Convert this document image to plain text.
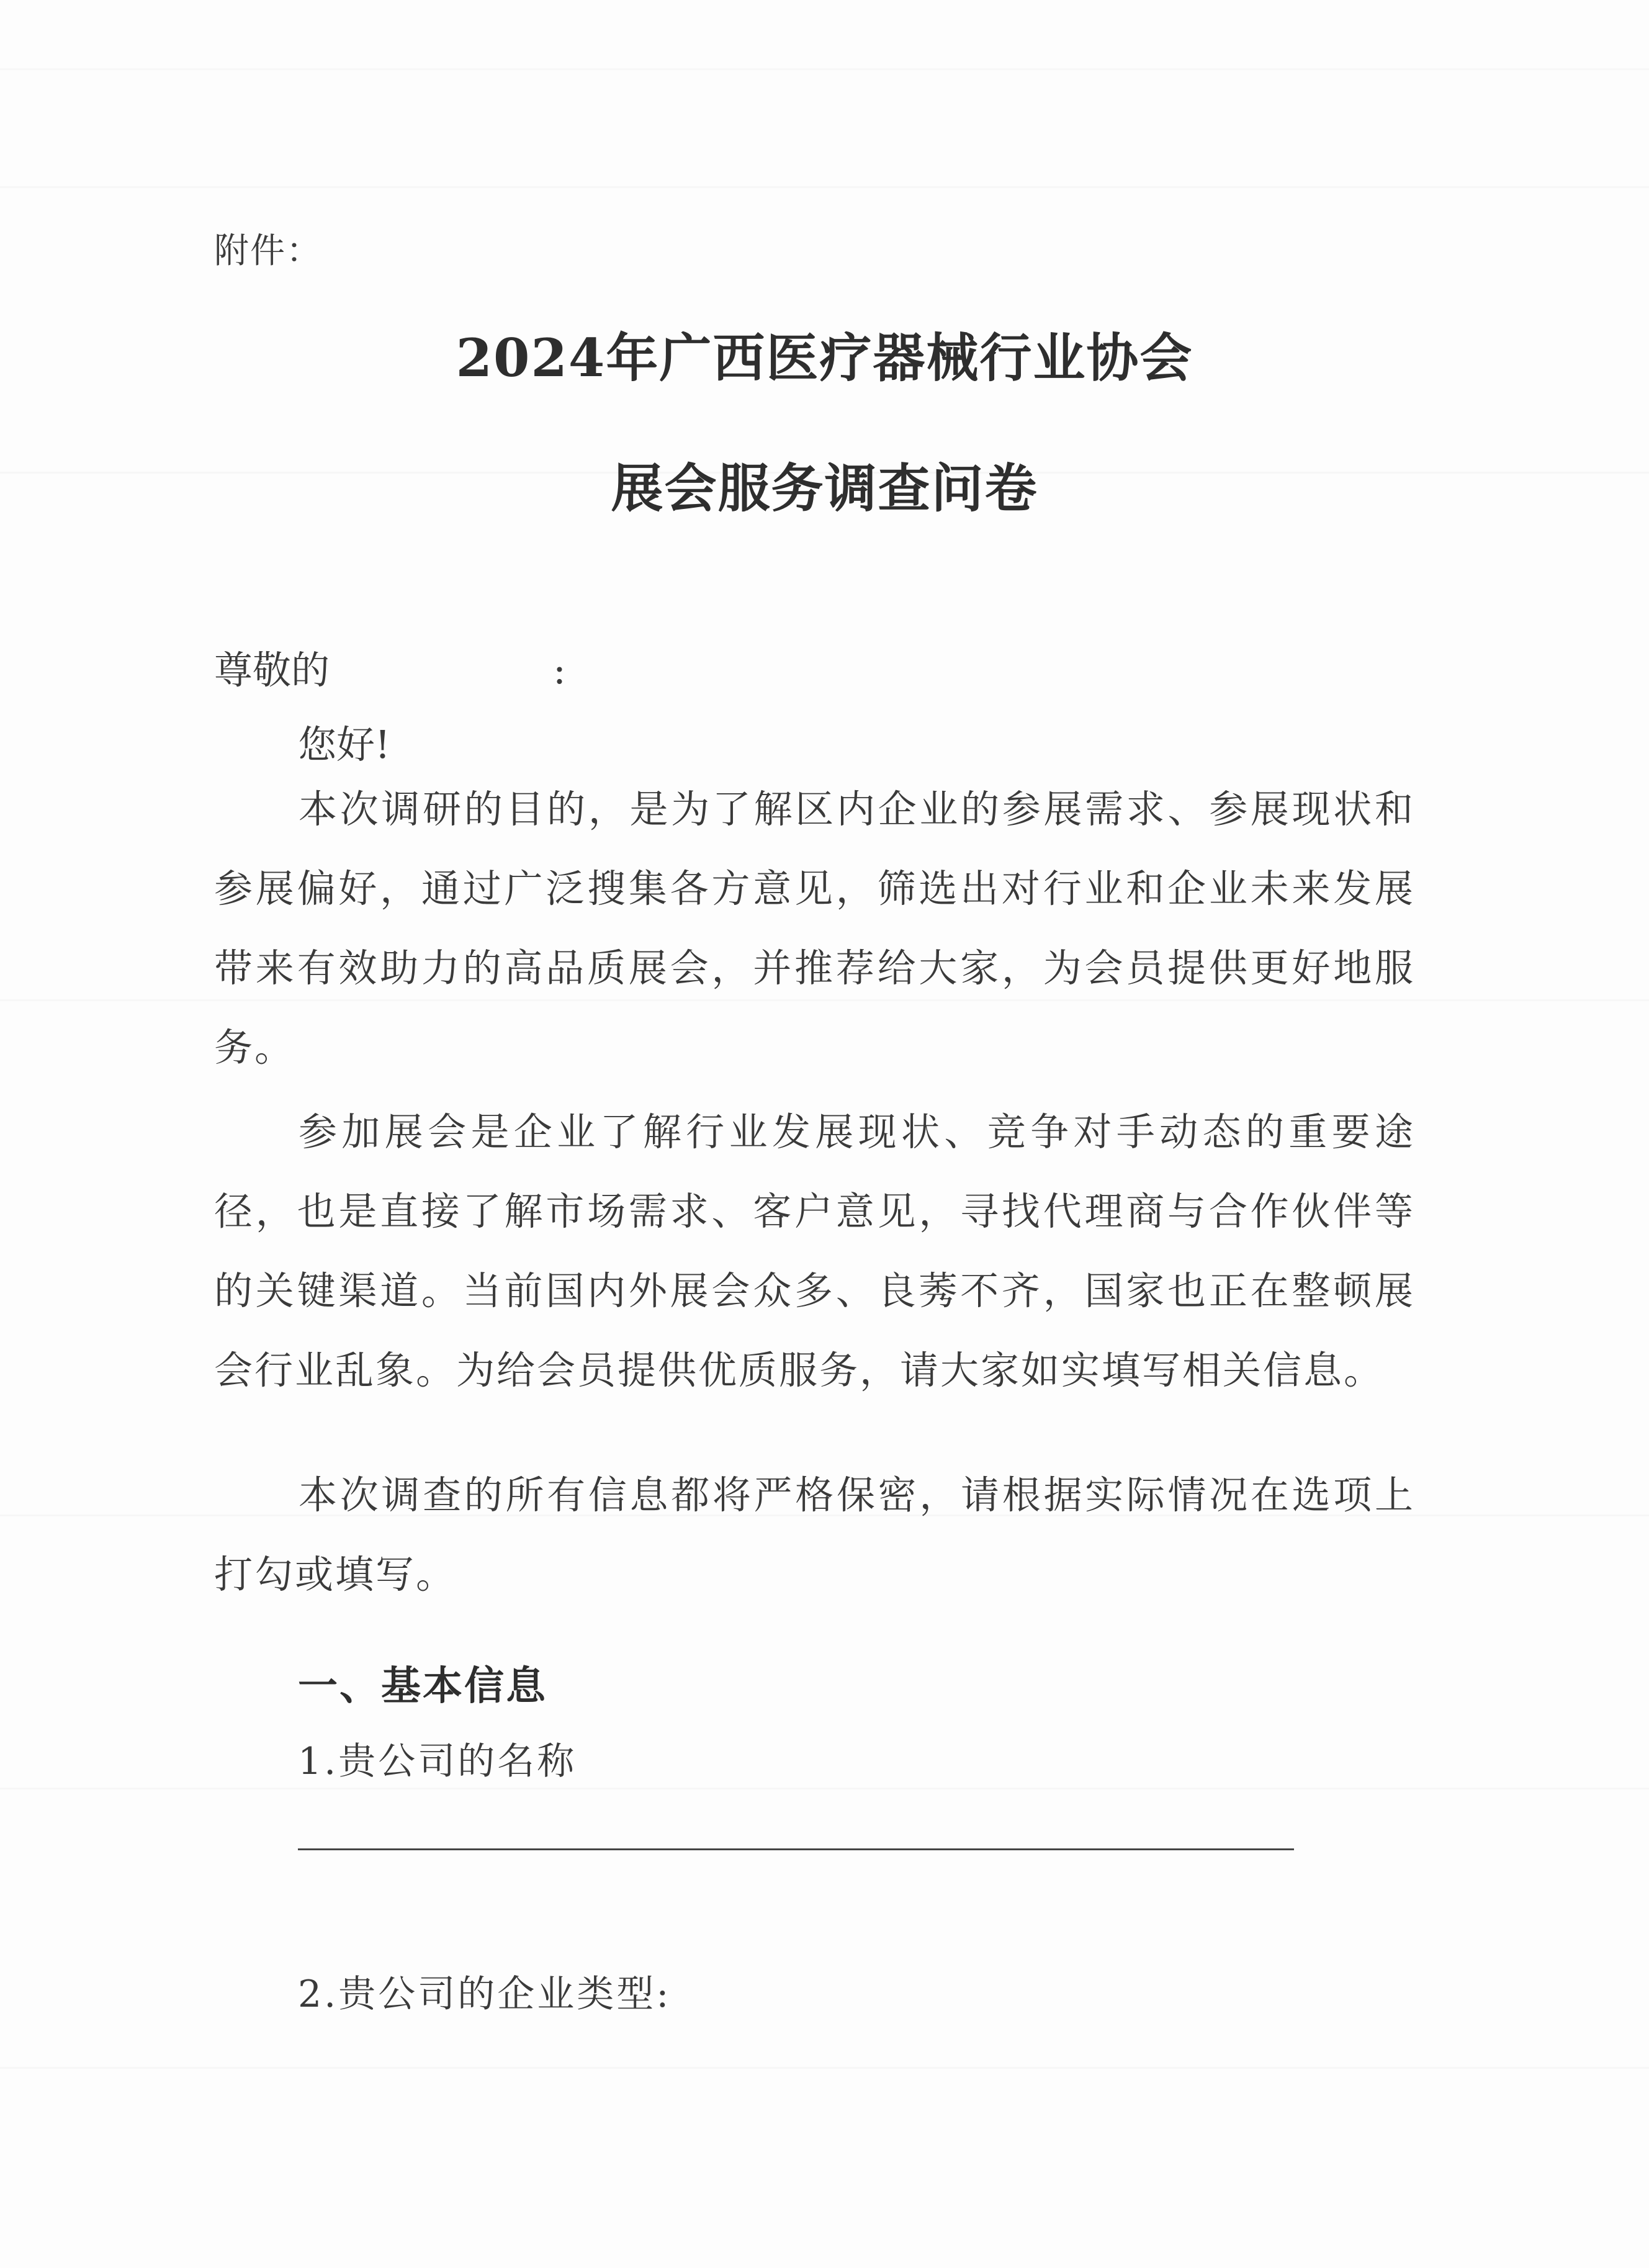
附件：
2024年广西医疗器械行业协会
展会服务调查问卷
尊敬的	:
您好!
本次调研的目的，是为了解区内企业的参展需求、参展现状和参展偏好，通过广泛搜集各方意见，筛选出对行业和企业未来发展带来有效助力的高品质展会，并推荐给大家，为会员提供更好地服务。
参加展会是企业了解行业发展现状、竞争对手动态的重要途径，也是直接了解市场需求、客户意见，寻找代理商与合作伙伴等的关键渠道。当前国内外展会众多、良莠不齐，国家也正在整顿展会行业乱象。为给会员提供优质服务，请大家如实填写相关信息。
本次调查的所有信息都将严格保密，请根据实际情况在选项上打勾或填写。
一、基本信息
1.贵公司的名称
2.贵公司的企业类型:
